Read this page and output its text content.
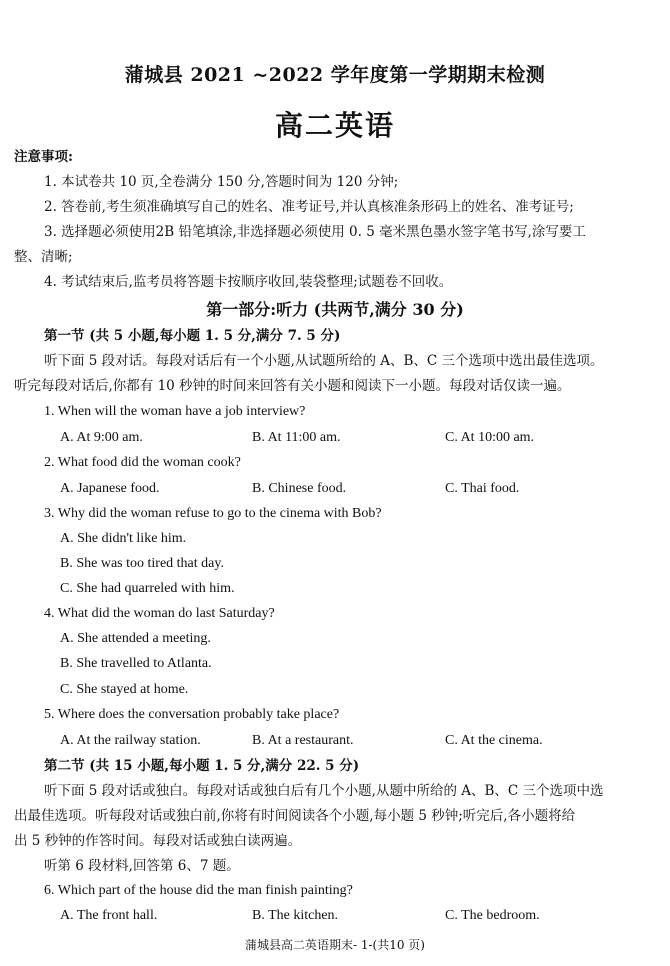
蒲城县 2021 ~2022 学年度第一学期期末检测
高二英语
注意事项:
1. 本试卷共 10 页,全卷满分 150 分,答题时间为 120 分钟;
2. 答卷前,考生须准确填写自己的姓名、准考证号,并认真核准条形码上的姓名、准考证号;
3. 选择题必须使用2B 铅笔填涂,非选择题必须使用 0. 5 毫米黑色墨水签字笔书写,涂写要工
整、清晰;
4. 考试结束后,监考员将答题卡按顺序收回,装袋整理;试题卷不回收。
第一部分:听力 (共两节,满分 30 分)
第一节 (共 5 小题,每小题 1. 5 分,满分 7. 5 分)
听下面 5 段对话。每段对话后有一个小题,从试题所给的 A、B、C 三个选项中选出最佳选项。
听完每段对话后,你都有 10 秒钟的时间来回答有关小题和阅读下一小题。每段对话仅读一遍。
1. When will the woman have a job interview?
A. At 9:00 am.	B. At 11:00 am.	C. At 10:00 am.
2. What food did the woman cook?
A. Japanese food.	B. Chinese food.	C. Thai food.
3. Why did the woman refuse to go to the cinema with Bob?
A. She didn't like him.
B. She was too tired that day.
C. She had quarreled with him.
4. What did the woman do last Saturday?
A. She attended a meeting.
B. She travelled to Atlanta.
C. She stayed at home.
5. Where does the conversation probably take place?
A. At the railway station.	B. At a restaurant.	C. At the cinema.
第二节 (共 15 小题,每小题 1. 5 分,满分 22. 5 分)
听下面 5 段对话或独白。每段对话或独白后有几个小题,从题中所给的 A、B、C 三个选项中选
出最佳选项。听每段对话或独白前,你将有时间阅读各个小题,每小题 5 秒钟;听完后,各小题将给
出 5 秒钟的作答时间。每段对话或独白读两遍。
听第 6 段材料,回答第 6、7 题。
6. Which part of the house did the man finish painting?
A. The front hall.	B. The kitchen.	C. The bedroom.
蒲城县高二英语期末- 1-(共10 页)
